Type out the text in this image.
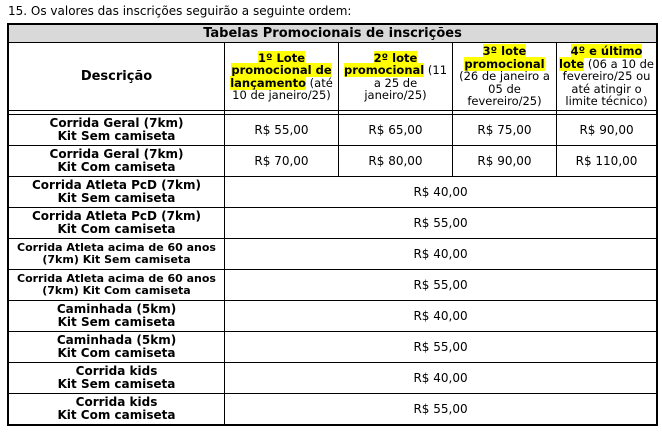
15. Os valores das inscrições seguirão a seguinte ordem:
Tabelas Promocionais de inscrições				
Descrição	1º Lote promocional de lançamento (até 10 de janeiro/25)	2º lote promocional (11 a 25 de janeiro/25)	3º lote promocional (26 de janeiro a 05 de fevereiro/25)	4º e último lote (06 a 10 de fevereiro/25 ou até atingir o limite técnico)

Corrida Geral (7km)
Kit Sem camiseta	R$ 55,00	R$ 65,00	R$ 75,00	R$ 90,00
Corrida Geral (7km)
Kit Com camiseta	R$ 70,00	R$ 80,00	R$ 90,00	R$ 110,00
Corrida Atleta PcD (7km)
Kit Sem camiseta	R$ 40,00			
Corrida Atleta PcD (7km)
Kit Com camiseta	R$ 55,00			
Corrida Atleta acima de 60 anos
(7km) Kit Sem camiseta	R$ 40,00			
Corrida Atleta acima de 60 anos
(7km) Kit Com camiseta	R$ 55,00			
Caminhada (5km)
Kit Sem camiseta	R$ 40,00			
Caminhada (5km)
Kit Com camiseta	R$ 55,00			
Corrida kids
Kit Sem camiseta	R$ 40,00			
Corrida kids
Kit Com camiseta	R$ 55,00			
